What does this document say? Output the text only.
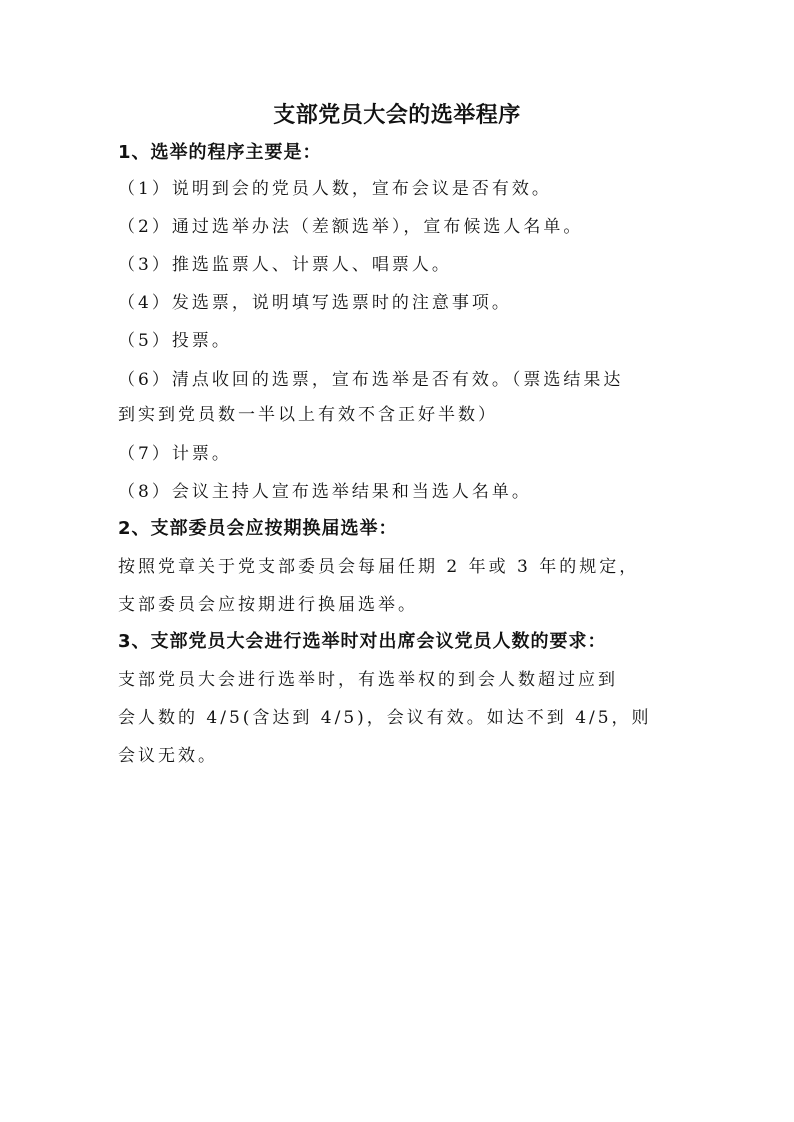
支部党员大会的选举程序
1、选举的程序主要是：
（1）说明到会的党员人数，宣布会议是否有效。
（2）通过选举办法（差额选举），宣布候选人名单。
（3）推选监票人、计票人、唱票人。
（4）发选票，说明填写选票时的注意事项。
（5）投票。
（6）清点收回的选票，宣布选举是否有效。（票选结果达
到实到党员数一半以上有效不含正好半数）
（7）计票。
（8）会议主持人宣布选举结果和当选人名单。
2、支部委员会应按期换届选举：
按照党章关于党支部委员会每届任期 2 年或 3 年的规定，
支部委员会应按期进行换届选举。
3、支部党员大会进行选举时对出席会议党员人数的要求：
支部党员大会进行选举时，有选举权的到会人数超过应到
会人数的 4/5(含达到 4/5)，会议有效。如达不到 4/5，则
会议无效。
